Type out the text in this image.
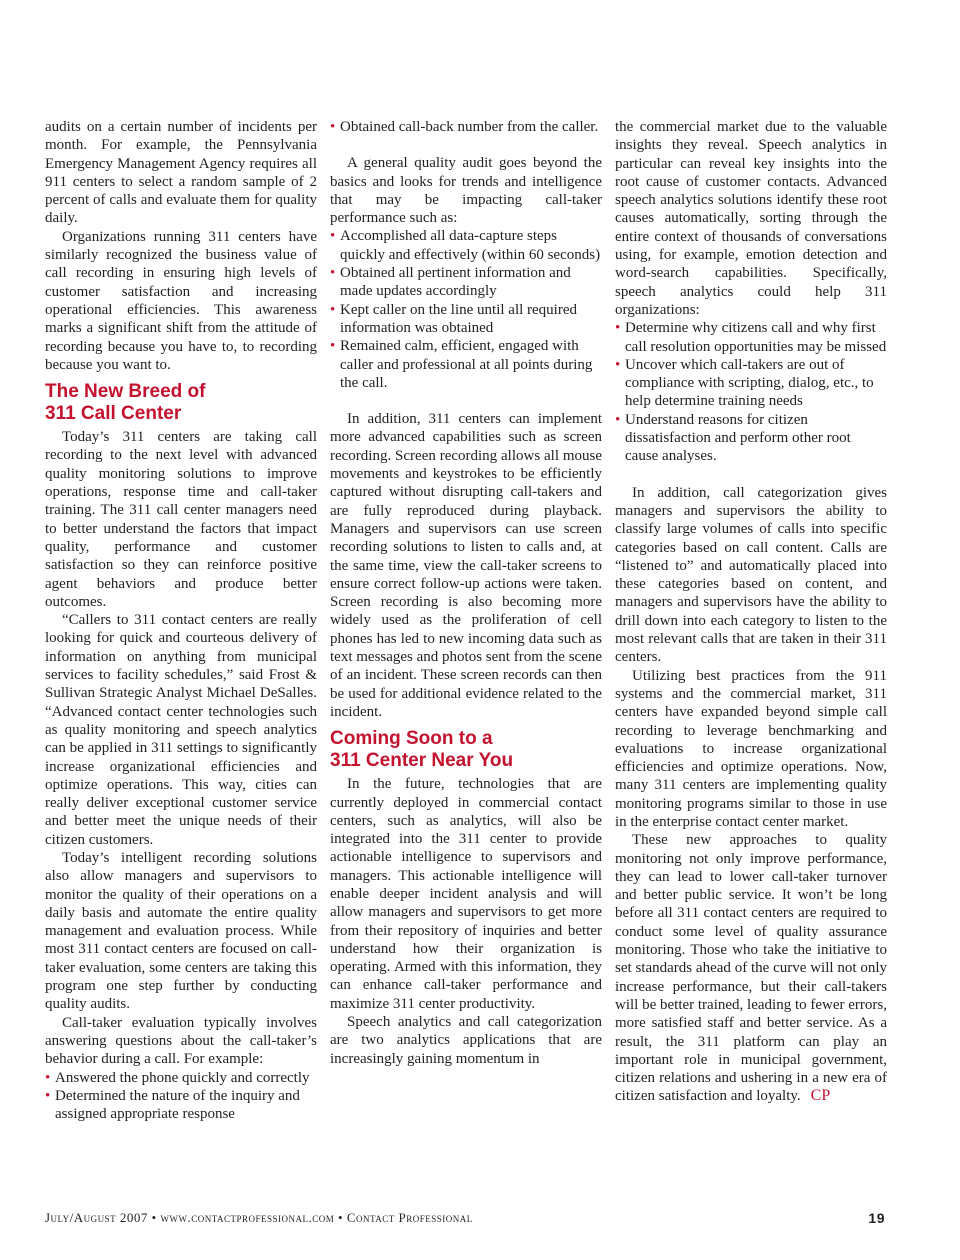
audits on a certain number of incidents per month. For example, the Pennsylvania Emergency Management Agency requires all 911 centers to select a random sample of 2 percent of calls and evaluate them for quality daily.

Organizations running 311 centers have similarly recognized the business value of call recording in ensuring high levels of customer satisfaction and increasing operational efficiencies. This awareness marks a significant shift from the attitude of recording because you have to, to recording because you want to.

The New Breed of
311 Call Center

Today’s 311 centers are taking call recording to the next level with advanced quality monitoring solutions to improve operations, response time and call-taker training. The 311 call center managers need to better understand the factors that impact quality, performance and customer satisfaction so they can reinforce positive agent behaviors and produce better outcomes.

“Callers to 311 contact centers are really looking for quick and courteous delivery of information on anything from municipal services to facility schedules,” said Frost & Sullivan Strategic Analyst Michael DeSalles. “Advanced contact center technologies such as quality monitoring and speech analytics can be applied in 311 settings to significantly increase organizational efficiencies and optimize operations. This way, cities can really deliver exceptional customer service and better meet the unique needs of their citizen customers.

Today’s intelligent recording solutions also allow managers and supervisors to monitor the quality of their operations on a daily basis and automate the entire quality management and evaluation process. While most 311 contact centers are focused on call-taker evaluation, some centers are taking this program one step further by conducting quality audits.

Call-taker evaluation typically involves answering questions about the call-taker’s behavior during a call. For example:

• Answered the phone quickly and correctly
• Determined the nature of the inquiry and assigned appropriate response
• Obtained call-back number from the caller.

A general quality audit goes beyond the basics and looks for trends and intelligence that may be impacting call-taker performance such as:

• Accomplished all data-capture steps quickly and effectively (within 60 seconds)
• Obtained all pertinent information and made updates accordingly
• Kept caller on the line until all required information was obtained
• Remained calm, efficient, engaged with caller and professional at all points during the call.

In addition, 311 centers can implement more advanced capabilities such as screen recording. Screen recording allows all mouse movements and keystrokes to be efficiently captured without disrupting call-takers and are fully reproduced during playback. Managers and supervisors can use screen recording solutions to listen to calls and, at the same time, view the call-taker screens to ensure correct follow-up actions were taken. Screen recording is also becoming more widely used as the proliferation of cell phones has led to new incoming data such as text messages and photos sent from the scene of an incident. These screen records can then be used for additional evidence related to the incident.

Coming Soon to a
311 Center Near You

In the future, technologies that are currently deployed in commercial contact centers, such as analytics, will also be integrated into the 311 center to provide actionable intelligence to supervisors and managers. This actionable intelligence will enable deeper incident analysis and will allow managers and supervisors to get more from their repository of inquiries and better understand how their organization is operating. Armed with this information, they can enhance call-taker performance and maximize 311 center productivity.

Speech analytics and call categorization are two analytics applications that are increasingly gaining momentum in

the commercial market due to the valuable insights they reveal. Speech analytics in particular can reveal key insights into the root cause of customer contacts. Advanced speech analytics solutions identify these root causes automatically, sorting through the entire context of thousands of conversations using, for example, emotion detection and word-search capabilities. Specifically, speech analytics could help 311 organizations:

• Determine why citizens call and why first call resolution opportunities may be missed
• Uncover which call-takers are out of compliance with scripting, dialog, etc., to help determine training needs
• Understand reasons for citizen dissatisfaction and perform other root cause analyses.

In addition, call categorization gives managers and supervisors the ability to classify large volumes of calls into specific categories based on call content. Calls are “listened to” and automatically placed into these categories based on content, and managers and supervisors have the ability to drill down into each category to listen to the most relevant calls that are taken in their 311 centers.

Utilizing best practices from the 911 systems and the commercial market, 311 centers have expanded beyond simple call recording to leverage benchmarking and evaluations to increase organizational efficiencies and optimize operations. Now, many 311 centers are implementing quality monitoring programs similar to those in use in the enterprise contact center market.

These new approaches to quality monitoring not only improve performance, they can lead to lower call-taker turnover and better public service. It won’t be long before all 311 contact centers are required to conduct some level of quality assurance monitoring. Those who take the initiative to set standards ahead of the curve will not only increase performance, but their call-takers will be better trained, leading to fewer errors, more satisfied staff and better service. As a result, the 311 platform can play an important role in municipal government, citizen relations and ushering in a new era of citizen satisfaction and loyalty. CP

July/August 2007 • www.contactprofessional.com • Contact Professional	19
